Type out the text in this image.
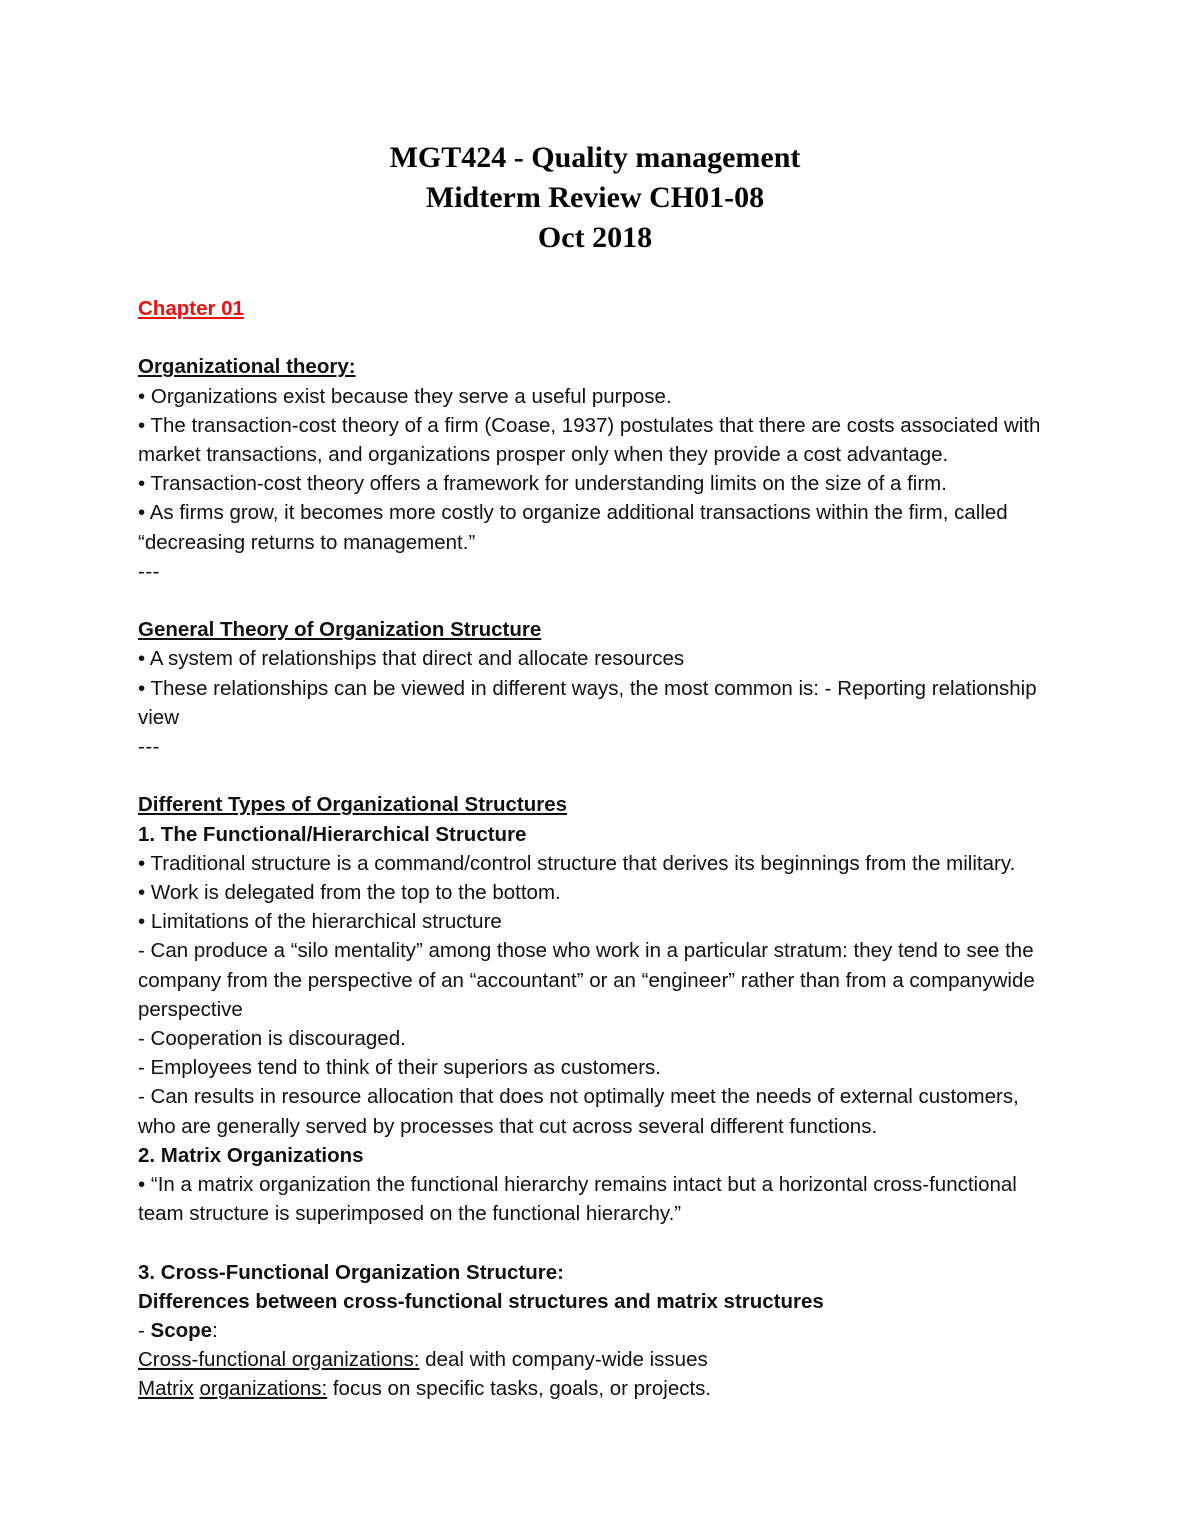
MGT424 - Quality management
Midterm Review CH01-08
Oct 2018
Chapter 01
Organizational theory:
• Organizations exist because they serve a useful purpose.
• The transaction-cost theory of a firm (Coase, 1937) postulates that there are costs associated with market transactions, and organizations prosper only when they provide a cost advantage.
• Transaction-cost theory offers a framework for understanding limits on the size of a firm.
• As firms grow, it becomes more costly to organize additional transactions within the firm, called “decreasing returns to management.”
---
General Theory of Organization Structure
• A system of relationships that direct and allocate resources
• These relationships can be viewed in different ways, the most common is: - Reporting relationship view
---
Different Types of Organizational Structures
1. The Functional/Hierarchical Structure
• Traditional structure is a command/control structure that derives its beginnings from the military.
• Work is delegated from the top to the bottom.
• Limitations of the hierarchical structure
- Can produce a “silo mentality” among those who work in a particular stratum: they tend to see the company from the perspective of an “accountant” or an “engineer” rather than from a companywide perspective
- Cooperation is discouraged.
- Employees tend to think of their superiors as customers.
- Can results in resource allocation that does not optimally meet the needs of external customers, who are generally served by processes that cut across several different functions.
2. Matrix Organizations
• “In a matrix organization the functional hierarchy remains intact but a horizontal cross-functional team structure is superimposed on the functional hierarchy.”
3. Cross-Functional Organization Structure:
Differences between cross-functional structures and matrix structures
- Scope:
Cross-functional organizations: deal with company-wide issues
Matrix organizations: focus on specific tasks, goals, or projects.
